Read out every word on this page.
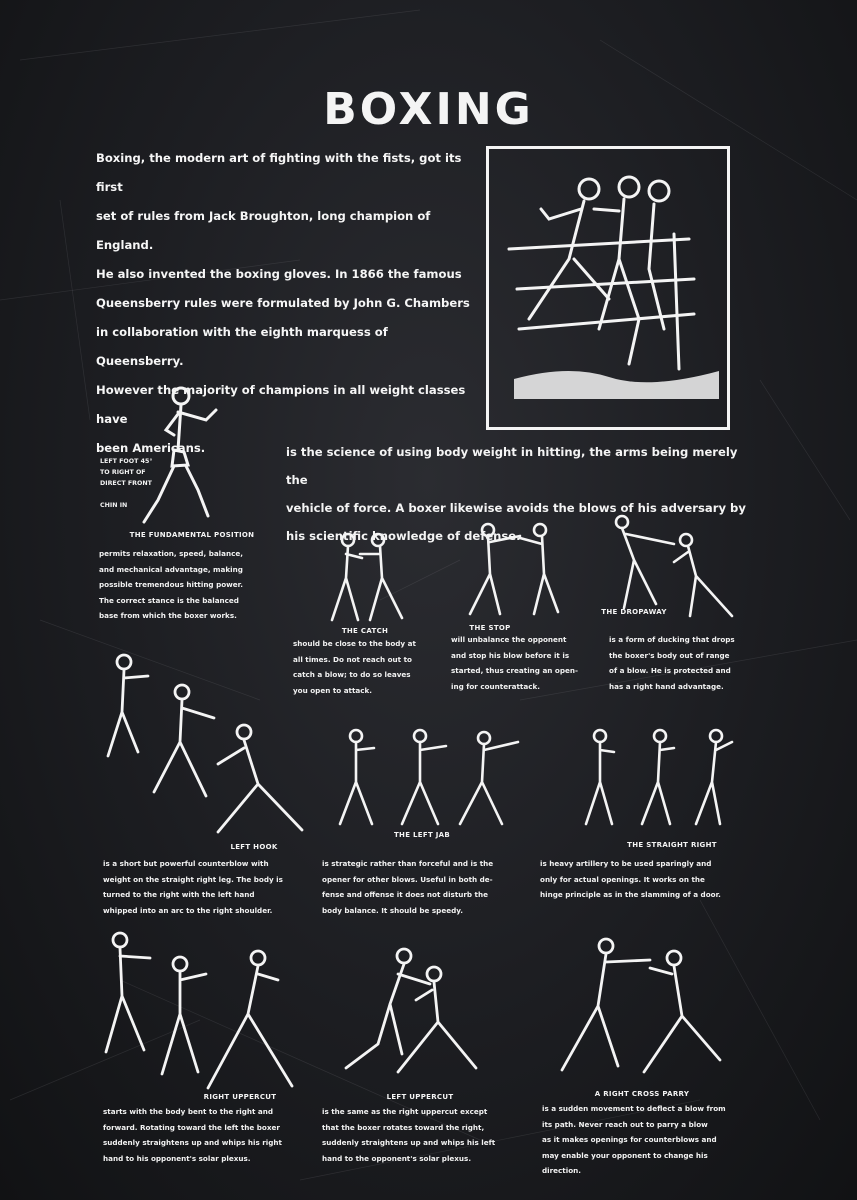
BOXING
Boxing, the modern art of fighting with the fists, got its first
set of rules from Jack Broughton, long champion of England.
He also invented the boxing gloves. In 1866 the famous
Queensberry rules were formulated by John G. Chambers
in collaboration with the eighth marquess of Queensberry.
However the majority of champions in all weight classes have
been Americans.
LEFT FOOT 45°
TO RIGHT OF
DIRECT FRONT
CHIN IN
THE FUNDAMENTAL POSITION
permits relaxation, speed, balance,
and mechanical advantage, making
possible tremendous hitting power.
The correct stance is the balanced
base from which the boxer works.
is the science of using body weight in hitting, the arms being merely the
vehicle of force. A boxer likewise avoids the blows of his adversary by
his scientific knowledge of defense.
THE CATCH
should be close to the body at
all times. Do not reach out to
catch a blow; to do so leaves
you open to attack.
THE STOP
will unbalance the opponent
and stop his blow before it is
started, thus creating an open-
ing for counterattack.
THE DROPAWAY
is a form of ducking that drops
the boxer's body out of range
of a blow. He is protected and
has a right hand advantage.
LEFT HOOK
is a short but powerful counterblow with
weight on the straight right leg. The body is
turned to the right with the left hand
whipped into an arc to the right shoulder.
THE LEFT JAB
is strategic rather than forceful and is the
opener for other blows. Useful in both de-
fense and offense it does not disturb the
body balance. It should be speedy.
THE STRAIGHT RIGHT
is heavy artillery to be used sparingly and
only for actual openings. It works on the
hinge principle as in the slamming of a door.
RIGHT UPPERCUT
starts with the body bent to the right and
forward. Rotating toward the left the boxer
suddenly straightens up and whips his right
hand to his opponent's solar plexus.
LEFT UPPERCUT
is the same as the right uppercut except
that the boxer rotates toward the right,
suddenly straightens up and whips his left
hand to the opponent's solar plexus.
A RIGHT CROSS PARRY
is a sudden movement to deflect a blow from
its path. Never reach out to parry a blow
as it makes openings for counterblows and
may enable your opponent to change his
direction.
